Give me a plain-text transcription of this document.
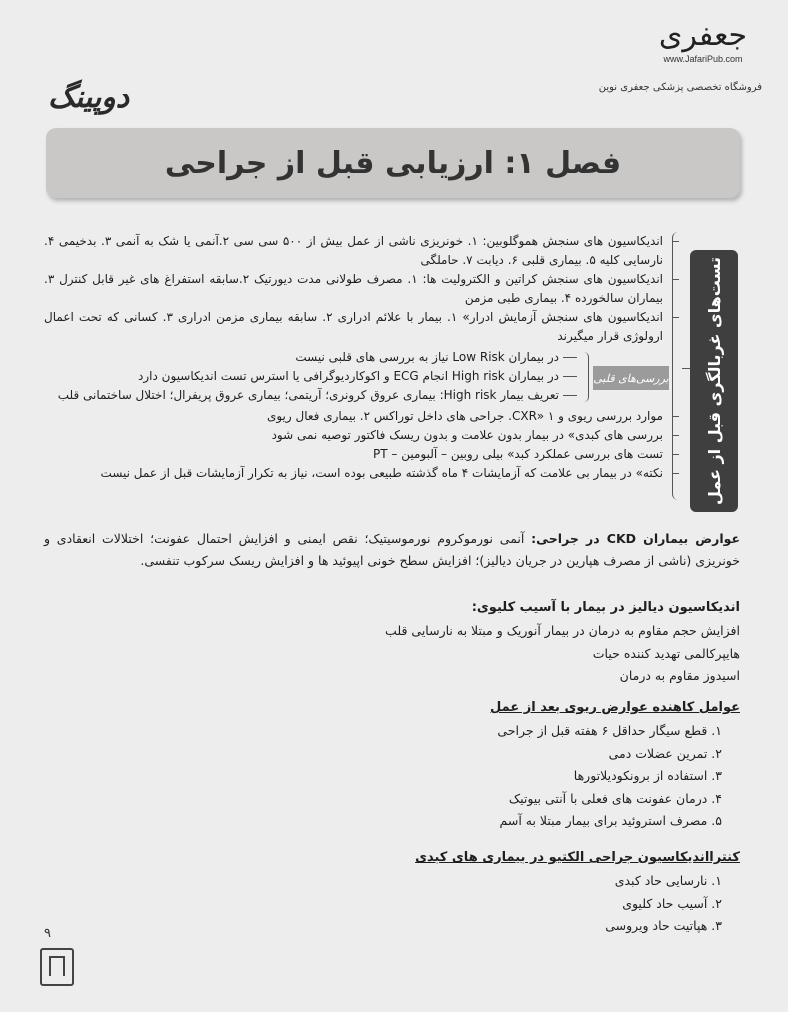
جعفری
www.JafariPub.com
فروشگاه تخصصی پزشکی جعفری نوین
دوپینگ
فصل ۱: ارزیابی قبل از جراحی
تست‌های غربالگری قبل از عمل
اندیکاسیون های سنجش هموگلوبین: ۱. خونریزی ناشی از عمل بیش از ۵۰۰ سی سی ۲.آنمی یا شک به آنمی ۳. بدخیمی ۴. نارسایی کلیه ۵. بیماری قلبی ۶. دیابت ۷. حاملگی
اندیکاسیون های سنجش کراتین و الکترولیت ها: ۱. مصرف طولانی مدت دیورتیک ۲.سابقه استفراغ‌ های غیر قابل کنترل ۳. بیماران سالخورده ۴. بیماری طبی مزمن
اندیکاسیون های سنجش آزمایش ادرار» ۱. بیمار با علائم ادراری ۲. سابقه بیماری مزمن ادراری ۳. کسانی که تحت اعمال ارولوژی قرار میگیرند
بررسی‌های قلبی
در بیماران Low Risk نیاز به بررسی های قلبی نیست
در بیماران High risk انجام ECG و اکوکاردیوگرافی یا استرس تست اندیکاسیون دارد
تعریف بیمار High risk: بیماری عروق کرونری؛ آریتمی؛ بیماری عروق پریفرال؛ اختلال ساختمانی قلب
موارد بررسی ریوی و CXR» ۱. جراحی های داخل توراکس ۲. بیماری فعال ریوی
بررسی های کبدی» در بیمار بدون علامت و بدون ریسک فاکتور توصیه نمی شود
تست های بررسی عملکرد کبد» بیلی روبین – آلبومین – PT
نکته» در بیمار بی علامت که آزمایشات ۴ ماه گذشته طبیعی بوده است، نیاز به تکرار آزمایشات قبل از عمل نیست

عوارض بیماران CKD در جراحی: آنمی نورموکروم نورموسیتیک؛ نقص ایمنی و افزایش احتمال عفونت؛ اختلالات انعقادی و خونریزی (ناشی از مصرف هپارین در جریان دیالیز)؛ افزایش سطح خونی اپیوئید ها و افزایش ریسک سرکوب تنفسی.

اندیکاسیون دیالیز در بیمار با آسیب کلیوی:
افزایش حجم مقاوم به درمان در بیمار آنوریک و مبتلا به نارسایی قلب
هایپرکالمی تهدید کننده حیات
اسیدوز مقاوم به درمان
عوامل کاهنده عوارض ریوی بعد از عمل
۱. قطع سیگار حداقل ۶ هفته قبل از جراحی
۲. تمرین عضلات دمی
۳. استفاده از برونکودیلاتورها
۴. درمان عفونت های فعلی با آنتی بیوتیک
۵. مصرف استروئید برای بیمار مبتلا به آسم
کنترااندیکاسیون جراحی الکتیو در بیماری های کبدی
۱. نارسایی حاد کبدی
۲. آسیب حاد کلیوی
۳. هپاتیت حاد ویروسی
۹
